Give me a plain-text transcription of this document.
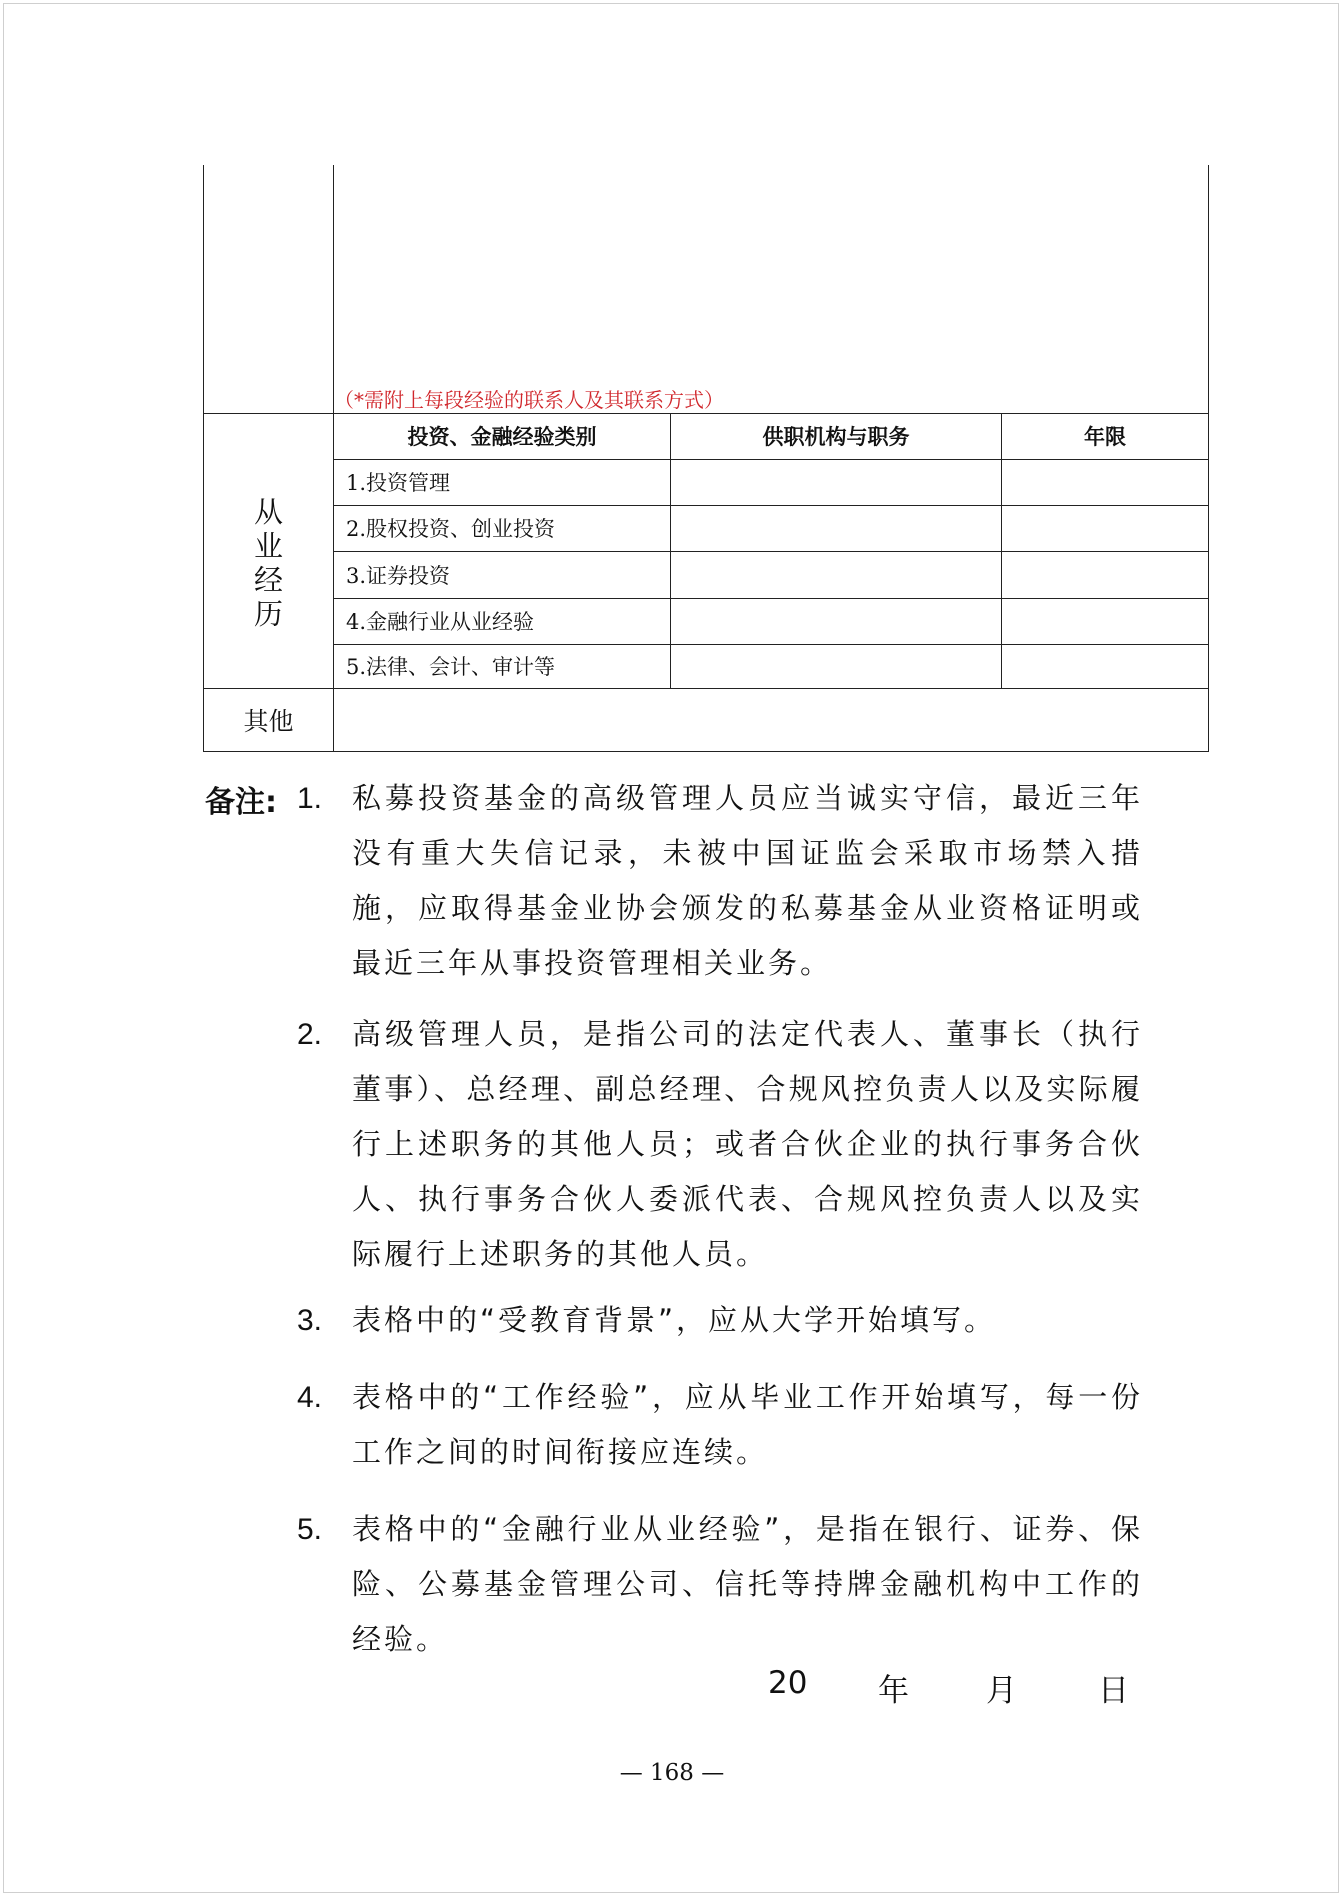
	（*需附上每段经验的联系人及其联系方式）		

从
业
经
历	投资、金融经验类别	供职机构与职务	年限
	1.投资管理		
	2.股权投资、创业投资		
	3.证券投资		
	4.金融行业从业经验		
	5.法律、会计、审计等		
其他			
备注: 1.	私募投资基金的高级管理人员应当诚实守信，最近三年没有重大失信记录，未被中国证监会采取市场禁入措施，应取得基金业协会颁发的私募基金从业资格证明或最近三年从事投资管理相关业务。
2.	高级管理人员，是指公司的法定代表人、董事长（执行董事）、总经理、副总经理、合规风控负责人以及实际履行上述职务的其他人员；或者合伙企业的执行事务合伙人、执行事务合伙人委派代表、合规风控负责人以及实际履行上述职务的其他人员。
3.	表格中的“受教育背景”，应从大学开始填写。
4.	表格中的“工作经验”，应从毕业工作开始填写，每一份工作之间的时间衔接应连续。
5.	表格中的“金融行业从业经验”，是指在银行、证券、保险、公募基金管理公司、信托等持牌金融机构中工作的经验。
20 年 月	日
— 168 —
